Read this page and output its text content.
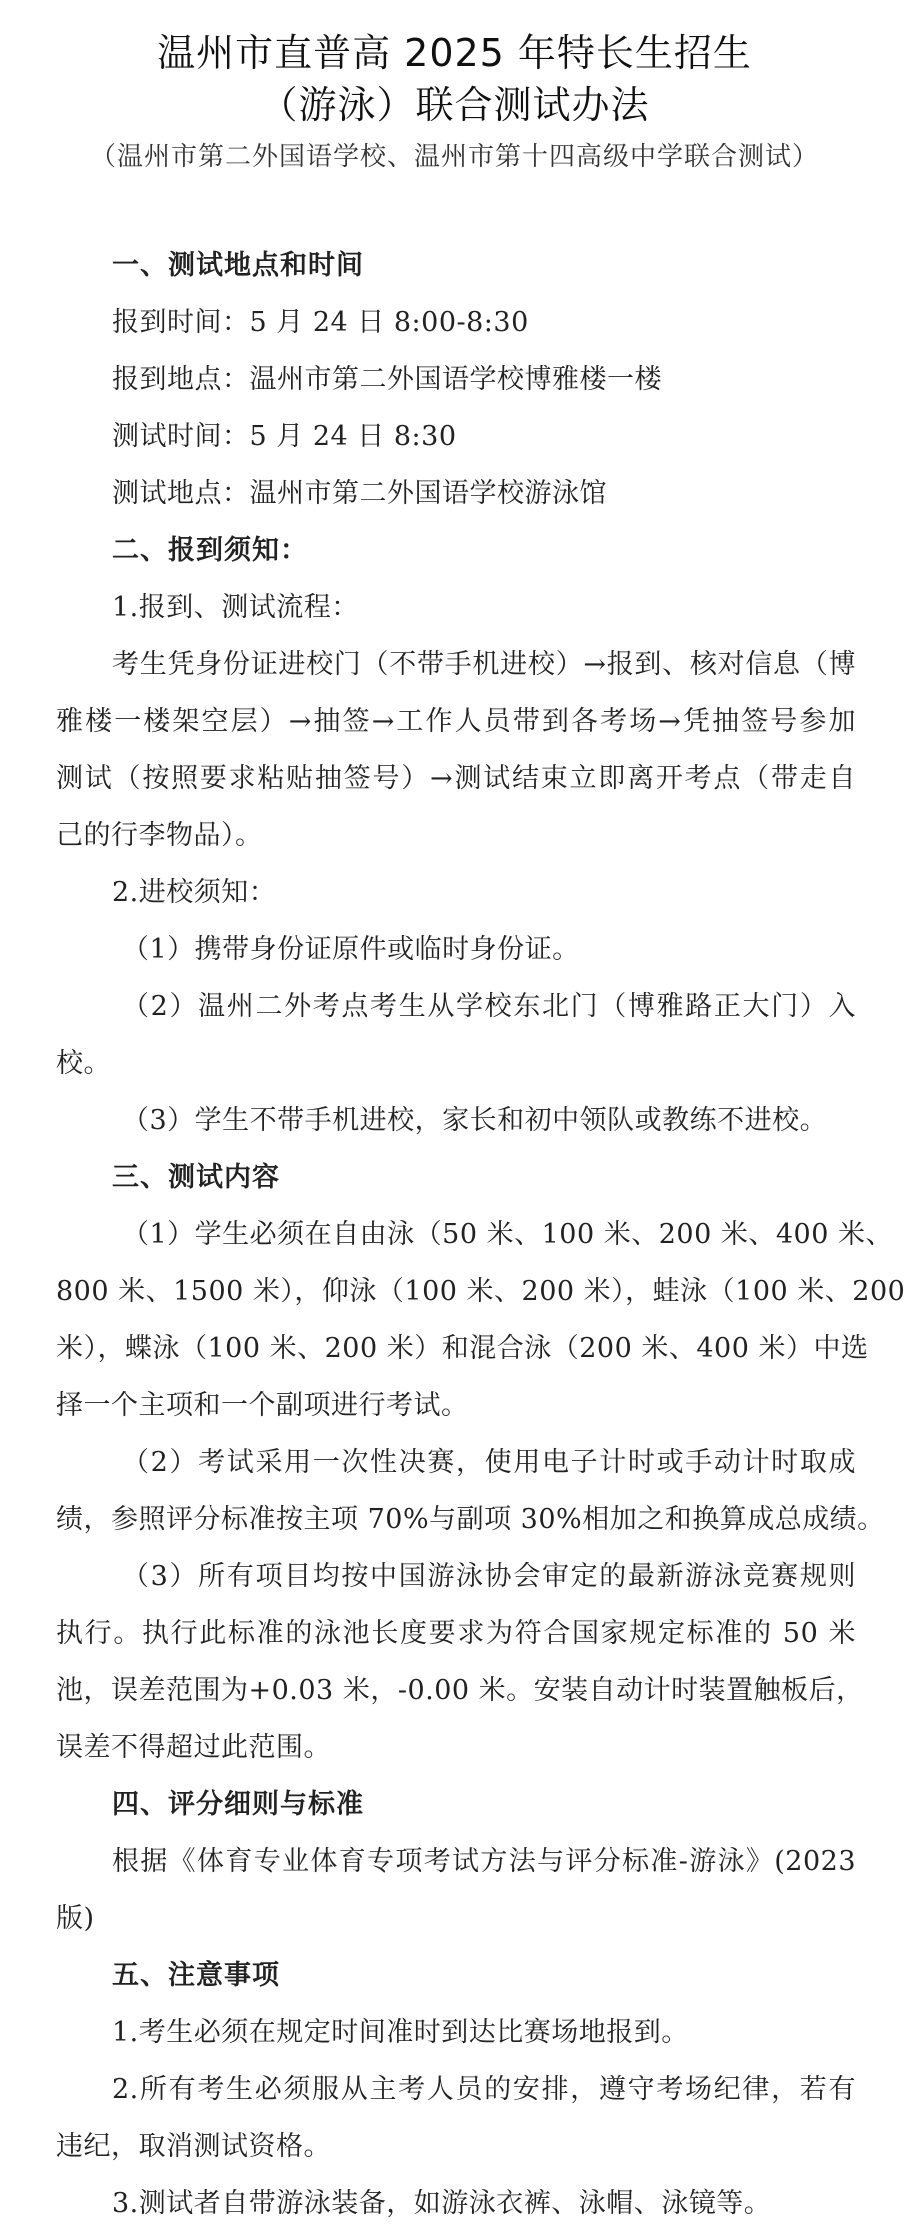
温州市直普高 2025 年特长生招生
（游泳）联合测试办法
（温州市第二外国语学校、温州市第十四高级中学联合测试）
一、测试地点和时间
报到时间：5 月 24 日 8:00-8:30
报到地点：温州市第二外国语学校博雅楼一楼
测试时间：5 月 24 日 8:30
测试地点：温州市第二外国语学校游泳馆
二、报到须知：
1.报到、测试流程：
考生凭身份证进校门（不带手机进校）→报到、核对信息（博
雅楼一楼架空层）→抽签→工作人员带到各考场→凭抽签号参加
测试（按照要求粘贴抽签号）→测试结束立即离开考点（带走自
己的行李物品）。
2.进校须知：
（1）携带身份证原件或临时身份证。
（2）温州二外考点考生从学校东北门（博雅路正大门）入
校。
（3）学生不带手机进校，家长和初中领队或教练不进校。
三、测试内容
（1）学生必须在自由泳（50 米、100 米、200 米、400 米、
800 米、1500 米），仰泳（100 米、200 米），蛙泳（100 米、200
米），蝶泳（100 米、200 米）和混合泳（200 米、400 米）中选
择一个主项和一个副项进行考试。
（2）考试采用一次性决赛，使用电子计时或手动计时取成
绩，参照评分标准按主项 70%与副项 30%相加之和换算成总成绩。
（3）所有项目均按中国游泳协会审定的最新游泳竞赛规则
执行。执行此标准的泳池长度要求为符合国家规定标准的 50 米
池，误差范围为+0.03 米，-0.00 米。安装自动计时装置触板后，
误差不得超过此范围。
四、评分细则与标准
根据《体育专业体育专项考试方法与评分标准-游泳》(2023
版)
五、注意事项
1.考生必须在规定时间准时到达比赛场地报到。
2.所有考生必须服从主考人员的安排，遵守考场纪律，若有
违纪，取消测试资格。
3.测试者自带游泳装备，如游泳衣裤、泳帽、泳镜等。
